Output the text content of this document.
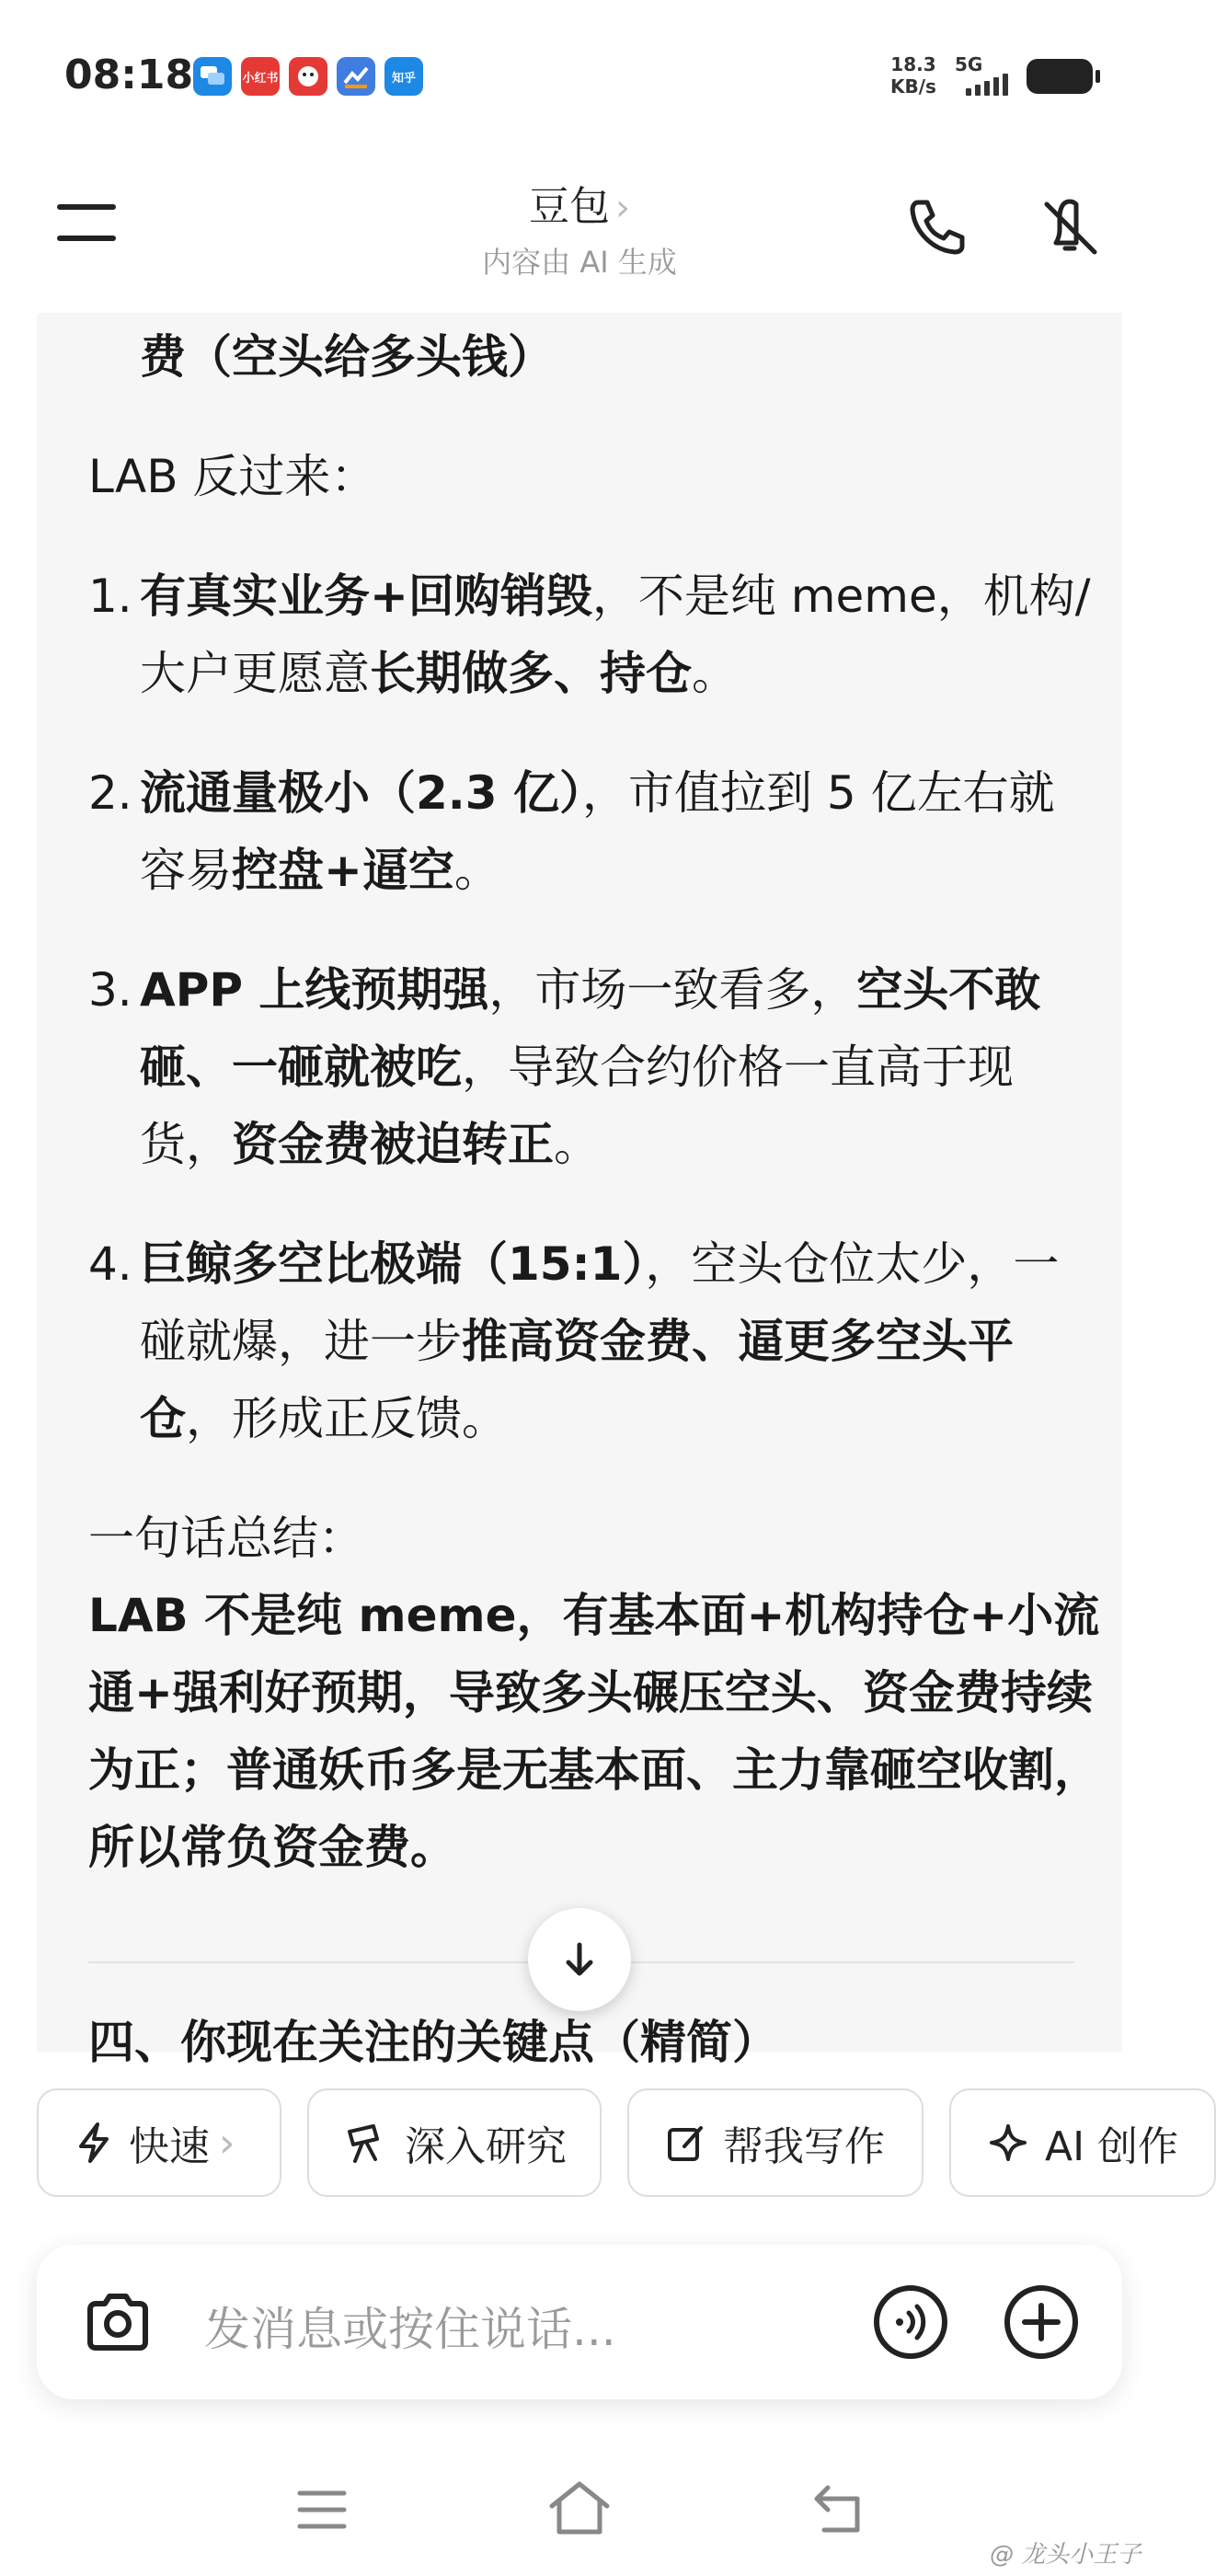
08:18	小红书	知乎
18.3
KB/s
5G
豆包 ›
内容由 AI 生成

费（空头给多头钱）

LAB 反过来：

1. 有真实业务+回购销毁，不是纯 meme，机构/大户更愿意长期做多、持仓。
2. 流通量极小（2.3 亿），市值拉到 5 亿左右就容易控盘+逼空。
3. APP 上线预期强，市场一致看多，空头不敢砸、一砸就被吃，导致合约价格一直高于现货，资金费被迫转正。
4. 巨鲸多空比极端（15:1），空头仓位太少，一碰就爆，进一步推高资金费、逼更多空头平仓，形成正反馈。

一句话总结：

LAB 不是纯 meme，有基本面+机构持仓+小流通+强利好预期，导致多头碾压空头、资金费持续为正；普通妖币多是无基本面、主力靠砸空收割，所以常负资金费。

四、你现在关注的关键点（精简）
快速 ›	深入研究	帮我写作	AI 创作
发消息或按住说话...
@ 龙头小王子
